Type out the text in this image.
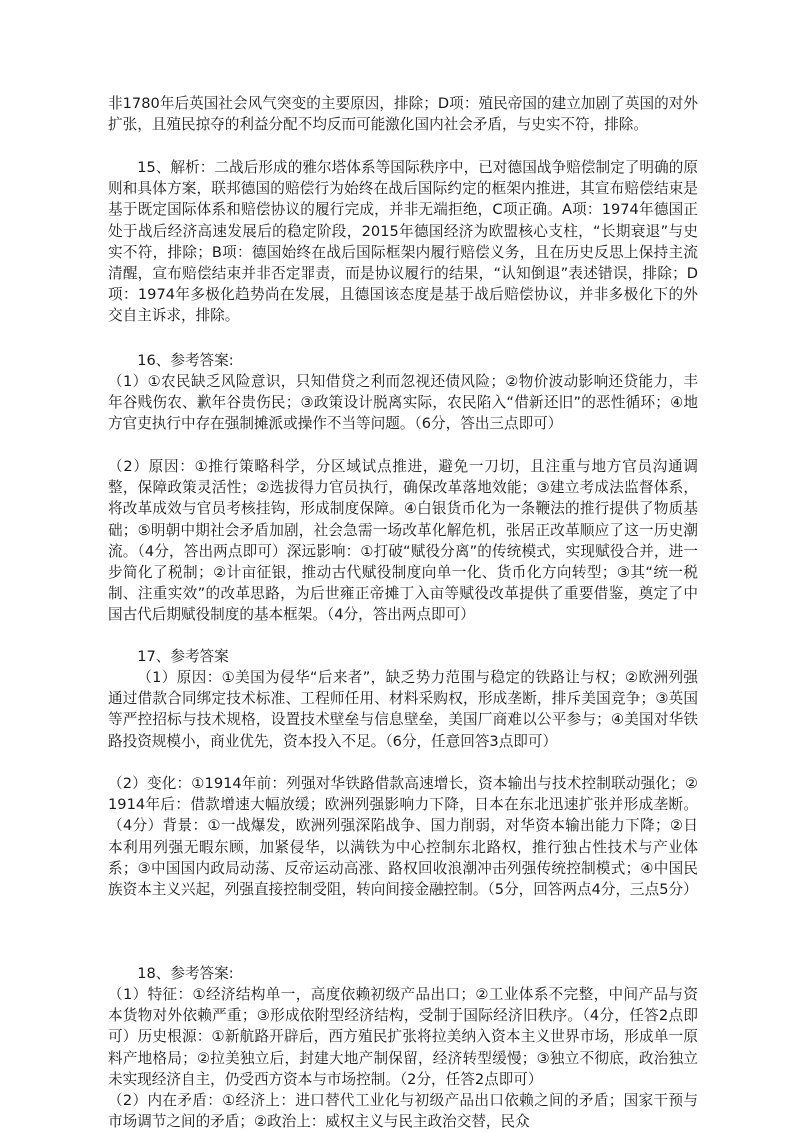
非1780年后英国社会风气突变的主要原因，排除；D项：殖民帝国的建立加剧了英国的对外扩张，且殖民掠夺的利益分配不均反而可能激化国内社会矛盾，与史实不符，排除。

15、解析：二战后形成的雅尔塔体系等国际秩序中，已对德国战争赔偿制定了明确的原则和具体方案，联邦德国的赔偿行为始终在战后国际约定的框架内推进，其宣布赔偿结束是基于既定国际体系和赔偿协议的履行完成，并非无端拒绝，C项正确。A项：1974年德国正处于战后经济高速发展后的稳定阶段，2015年德国经济为欧盟核心支柱，“长期衰退”与史实不符，排除；B项：德国始终在战后国际框架内履行赔偿义务，且在历史反思上保持主流清醒，宣布赔偿结束并非否定罪责，而是协议履行的结果，“认知倒退”表述错误，排除；D项：1974年多极化趋势尚在发展，且德国该态度是基于战后赔偿协议，并非多极化下的外交自主诉求，排除。

16、参考答案:

（1）①农民缺乏风险意识，只知借贷之利而忽视还债风险；②物价波动影响还贷能力，丰年谷贱伤农、歉年谷贵伤民；③政策设计脱离实际，农民陷入“借新还旧”的恶性循环；④地方官吏执行中存在强制摊派或操作不当等问题。（6分，答出三点即可）

（2）原因：①推行策略科学，分区域试点推进，避免一刀切，且注重与地方官员沟通调整，保障政策灵活性；②选拔得力官员执行，确保改革落地效能；③建立考成法监督体系，将改革成效与官员考核挂钩，形成制度保障。④白银货币化为一条鞭法的推行提供了物质基础；⑤明朝中期社会矛盾加剧，社会急需一场改革化解危机，张居正改革顺应了这一历史潮流。（4分，答出两点即可）深远影响：①打破“赋役分离”的传统模式，实现赋役合并，进一步简化了税制；②计亩征银，推动古代赋役制度向单一化、货币化方向转型；③其“统一税制、注重实效”的改革思路，为后世雍正帝摊丁入亩等赋役改革提供了重要借鉴，奠定了中国古代后期赋役制度的基本框架。（4分，答出两点即可）

17、参考答案

（1）原因：①美国为侵华“后来者”，缺乏势力范围与稳定的铁路让与权；②欧洲列强通过借款合同绑定技术标准、工程师任用、材料采购权，形成垄断，排斥美国竞争；③英国等严控招标与技术规格，设置技术壁垒与信息壁垒，美国厂商难以公平参与；④美国对华铁路投资规模小，商业优先，资本投入不足。（6分，任意回答3点即可）

（2）变化：①1914年前：列强对华铁路借款高速增长，资本输出与技术控制联动强化；②1914年后：借款增速大幅放缓；欧洲列强影响力下降，日本在东北迅速扩张并形成垄断。（4分）背景：①一战爆发，欧洲列强深陷战争、国力削弱，对华资本输出能力下降；②日本利用列强无暇东顾，加紧侵华，以满铁为中心控制东北路权，推行独占性技术与产业体系；③中国国内政局动荡、反帝运动高涨、路权回收浪潮冲击列强传统控制模式；④中国民族资本主义兴起，列强直接控制受阻，转向间接金融控制。（5分，回答两点4分，三点5分）

18、参考答案:

（1）特征：①经济结构单一，高度依赖初级产品出口；②工业体系不完整，中间产品与资本货物对外依赖严重；③形成依附型经济结构，受制于国际经济旧秩序。（4分，任答2点即可）历史根源：①新航路开辟后，西方殖民扩张将拉美纳入资本主义世界市场，形成单一原料产地格局；②拉美独立后，封建大地产制保留，经济转型缓慢；③独立不彻底，政治独立未实现经济自主，仍受西方资本与市场控制。（2分，任答2点即可）

（2）内在矛盾：①经济上：进口替代工业化与初级产品出口依赖之间的矛盾；国家干预与市场调节之间的矛盾；②政治上：威权主义与民主政治交替，民众
